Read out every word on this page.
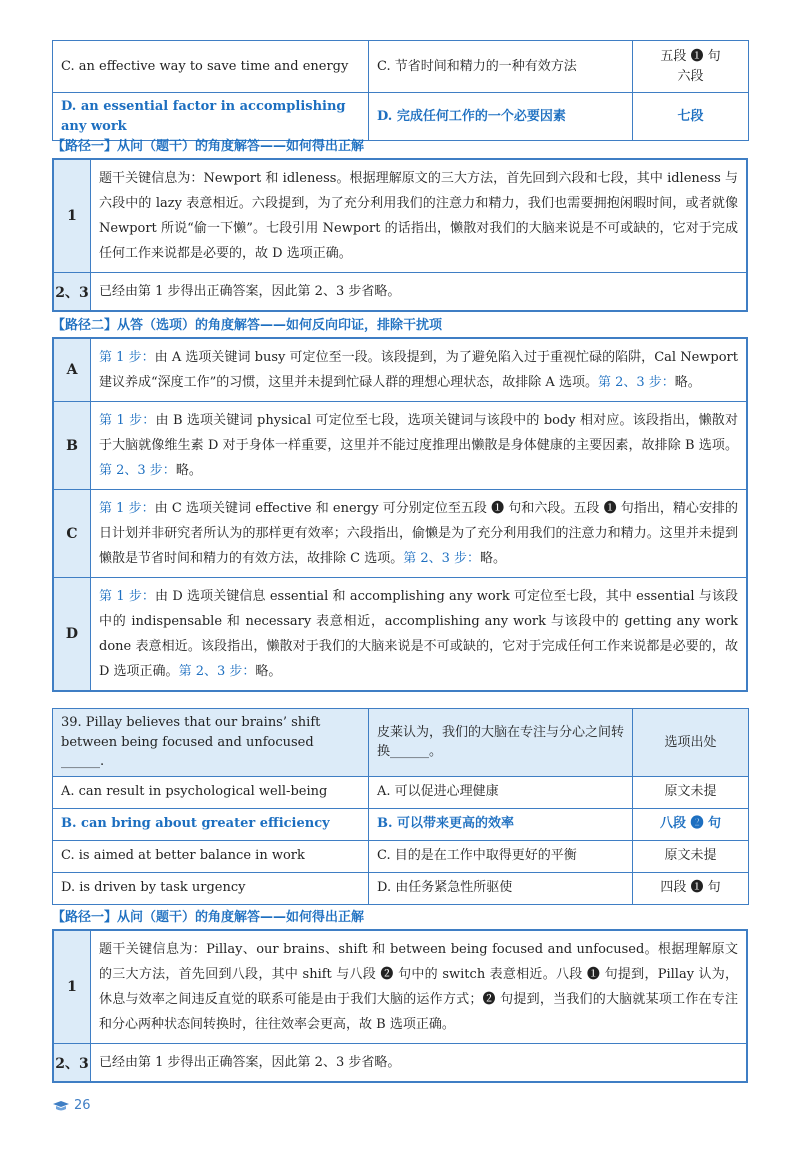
C. an effective way to save time and energy	C. 节省时间和精力的一种有效方法	五段 ❶ 句
六段
D. an essential factor in accomplishing any work	D. 完成任何工作的一个必要因素	七段
【路径一】从问（题干）的角度解答——如何得出正解
1
题干关键信息为：Newport 和 idleness。根据理解原文的三大方法，首先回到六段和七段，其中 idleness 与六段中的 lazy 表意相近。六段提到，为了充分利用我们的注意力和精力，我们也需要拥抱闲暇时间，或者就像 Newport 所说“偷一下懒”。七段引用 Newport 的话指出，懒散对我们的大脑来说是不可或缺的，它对于完成任何工作来说都是必要的，故 D 选项正确。
2、3 已经由第 1 步得出正确答案，因此第 2、3 步省略。
【路径二】从答（选项）的角度解答——如何反向印证，排除干扰项
A
第 1 步：由 A 选项关键词 busy 可定位至一段。该段提到，为了避免陷入过于重视忙碌的陷阱，Cal Newport 建议养成“深度工作”的习惯，这里并未提到忙碌人群的理想心理状态，故排除 A 选项。第 2、3 步：略。
B
第 1 步：由 B 选项关键词 physical 可定位至七段，选项关键词与该段中的 body 相对应。该段指出，懒散对于大脑就像维生素 D 对于身体一样重要，这里并不能过度推理出懒散是身体健康的主要因素，故排除 B 选项。第 2、3 步：略。
C
第 1 步：由 C 选项关键词 effective 和 energy 可分别定位至五段 ❶ 句和六段。五段 ❶ 句指出，精心安排的日计划并非研究者所认为的那样更有效率；六段指出，偷懒是为了充分利用我们的注意力和精力。这里并未提到懒散是节省时间和精力的有效方法，故排除 C 选项。第 2、3 步：略。
D
第 1 步：由 D 选项关键信息 essential 和 accomplishing any work 可定位至七段，其中 essential 与该段中的 indispensable 和 necessary 表意相近，accomplishing any work 与该段中的 getting any work done 表意相近。该段指出，懒散对于我们的大脑来说是不可或缺的，它对于完成任何工作来说都是必要的，故 D 选项正确。第 2、3 步：略。
39. Pillay believes that our brains’ shift between being focused and unfocused ______.	皮莱认为，我们的大脑在专注与分心之间转换______。	选项出处
A. can result in psychological well-being	A. 可以促进心理健康	原文未提
B. can bring about greater efficiency	B. 可以带来更高的效率	八段 ❷ 句
C. is aimed at better balance in work	C. 目的是在工作中取得更好的平衡	原文未提
D. is driven by task urgency	D. 由任务紧急性所驱使	四段 ❶ 句
【路径一】从问（题干）的角度解答——如何得出正解
1
题干关键信息为：Pillay、our brains、shift 和 between being focused and unfocused。根据理解原文的三大方法，首先回到八段，其中 shift 与八段 ❷ 句中的 switch 表意相近。八段 ❶ 句提到，Pillay 认为，休息与效率之间违反直觉的联系可能是由于我们大脑的运作方式；❷ 句提到，当我们的大脑就某项工作在专注和分心两种状态间转换时，往往效率会更高，故 B 选项正确。
2、3 已经由第 1 步得出正确答案，因此第 2、3 步省略。
26
